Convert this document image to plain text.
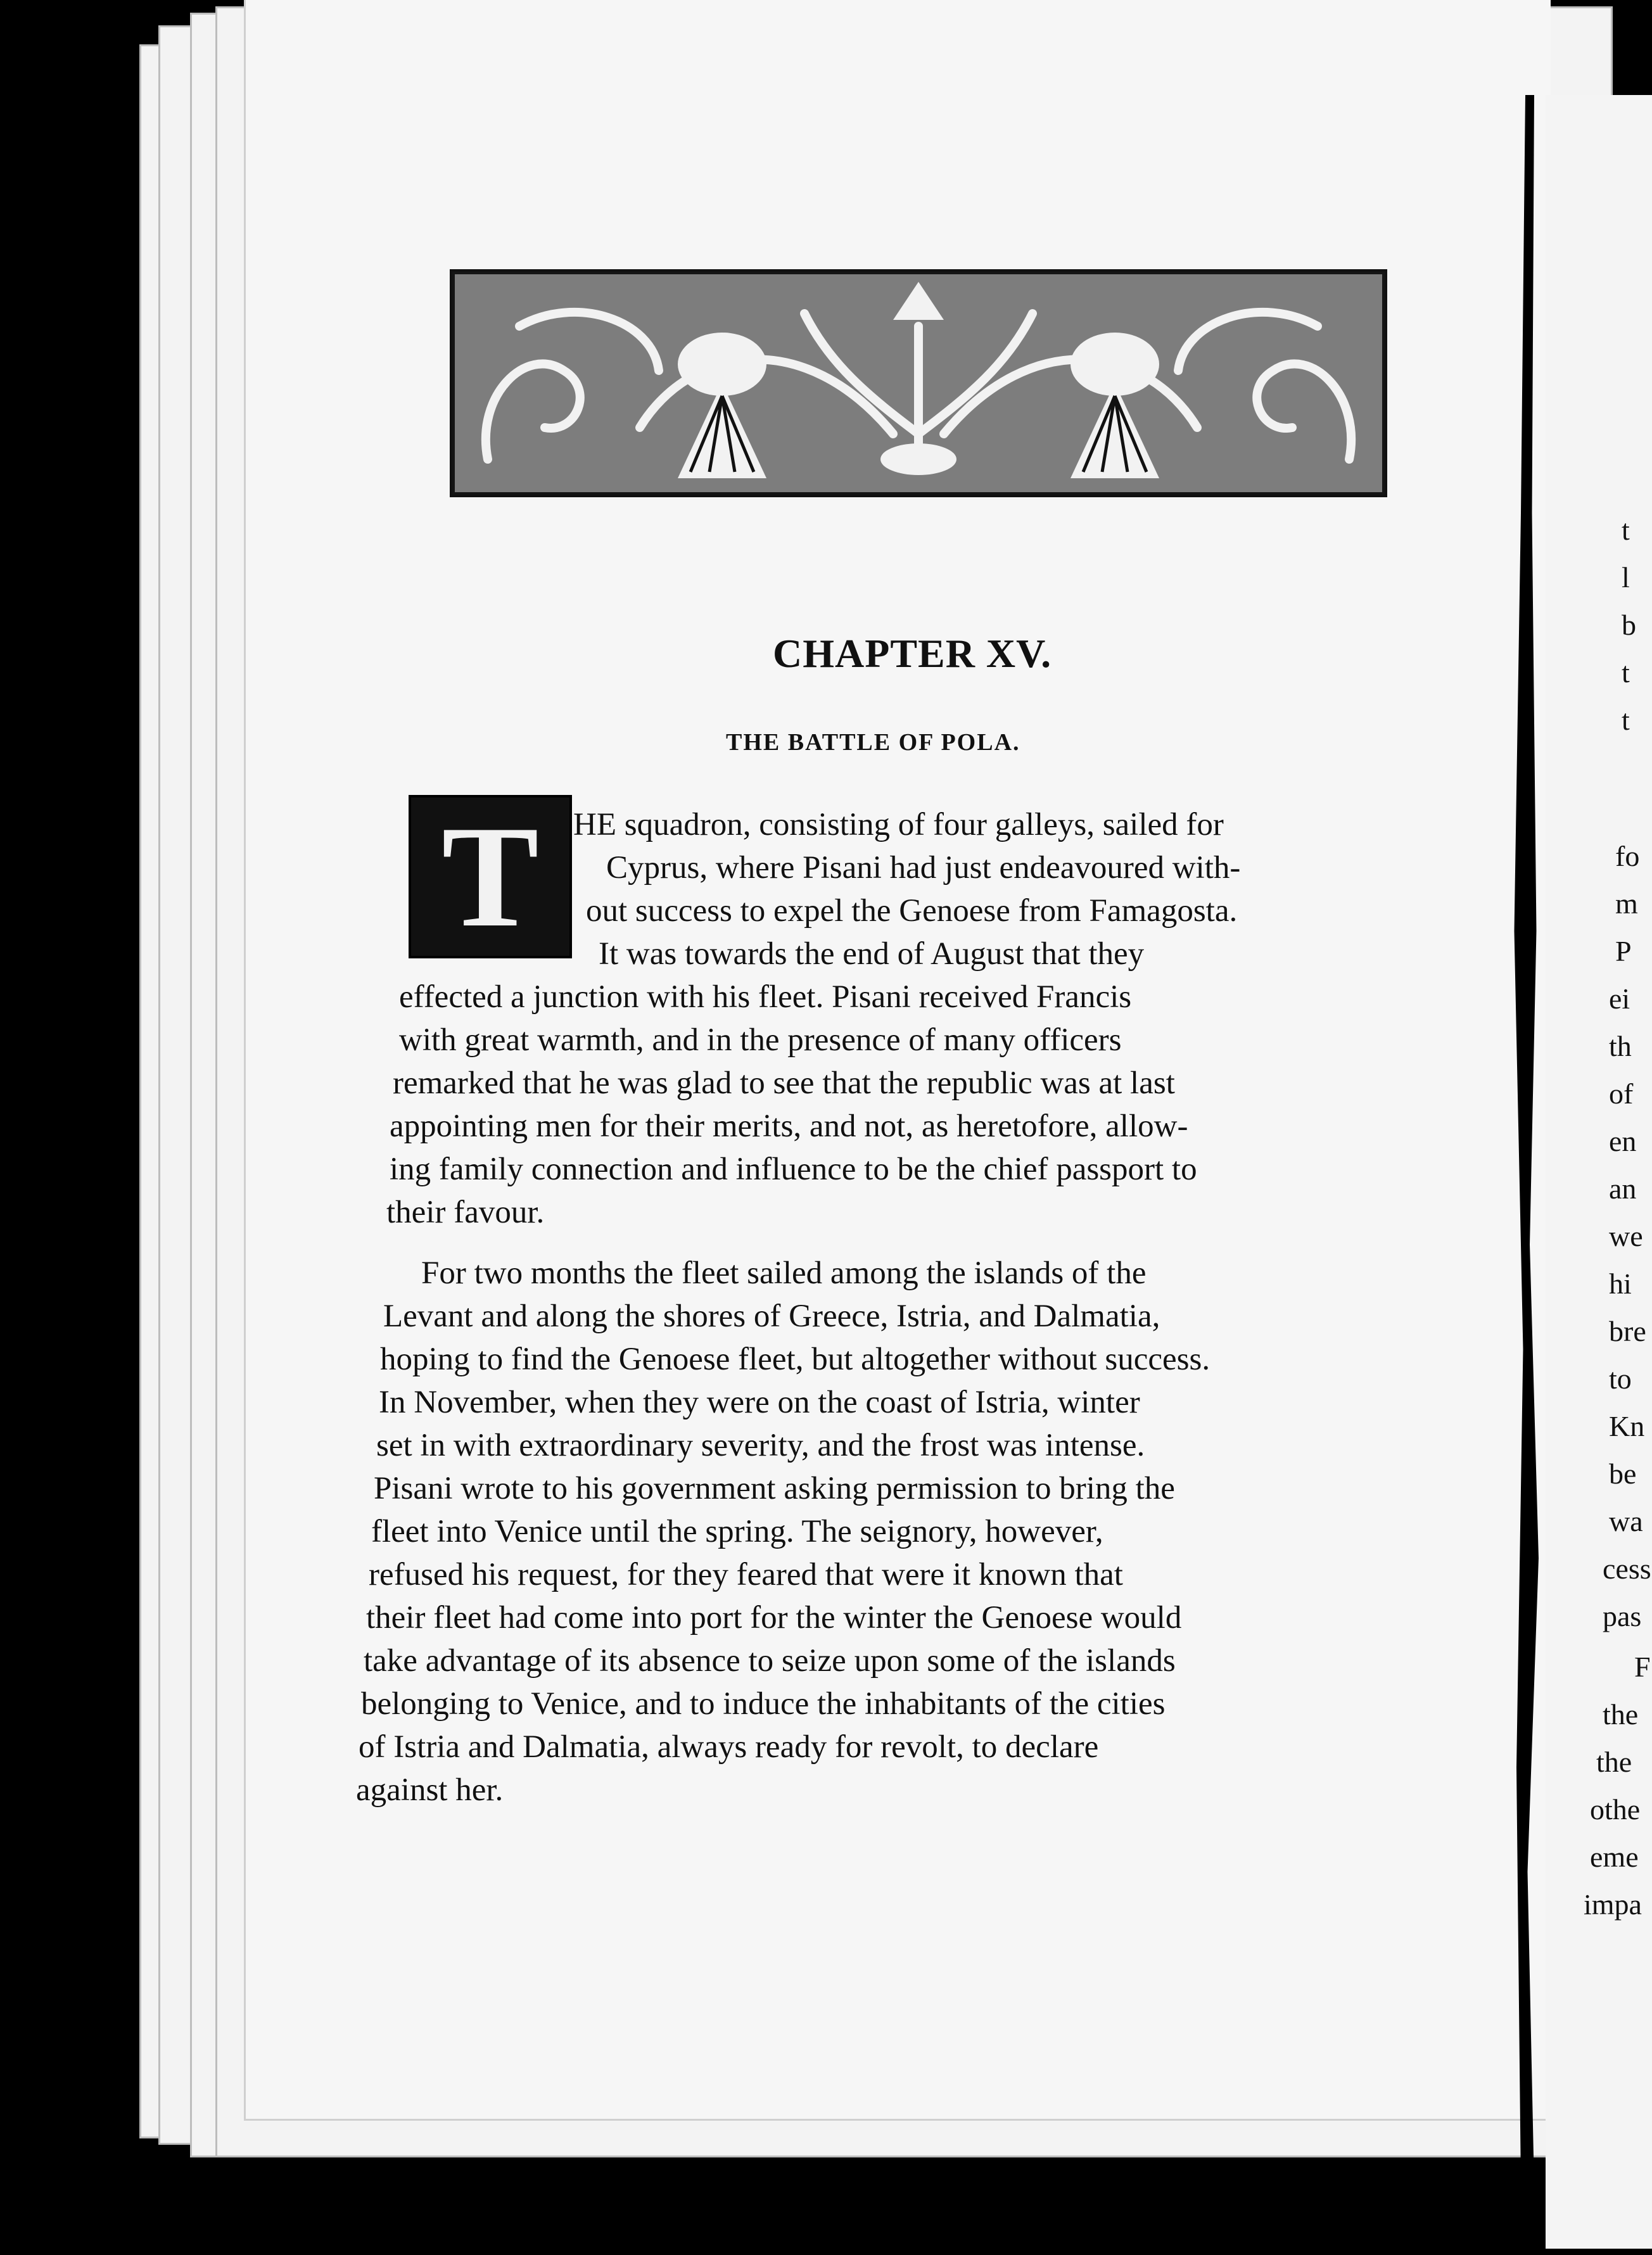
t
l
b
t
t
fo
m
P
ei
th
of
en
an
we
hi
bre
to
Kn
be
wa
cess
pas
F
the
the
othe
eme
impa
CHAPTER XV.
THE BATTLE OF POLA.
T	HE squadron, consisting of four galleys, sailed for
Cyprus, where Pisani had just endeavoured with-
out success to expel the Genoese from Famagosta.
It was towards the end of August that they
effected a junction with his fleet. Pisani received Francis
with great warmth, and in the presence of many officers
remarked that he was glad to see that the republic was at last
appointing men for their merits, and not, as heretofore, allow-
ing family connection and influence to be the chief passport to
their favour.
For two months the fleet sailed among the islands of the
Levant and along the shores of Greece, Istria, and Dalmatia,
hoping to find the Genoese fleet, but altogether without success.
In November, when they were on the coast of Istria, winter
set in with extraordinary severity, and the frost was intense.
Pisani wrote to his government asking permission to bring the
fleet into Venice until the spring. The seignory, however,
refused his request, for they feared that were it known that
their fleet had come into port for the winter the Genoese would
take advantage of its absence to seize upon some of the islands
belonging to Venice, and to induce the inhabitants of the cities
of Istria and Dalmatia, always ready for revolt, to declare
against her.
